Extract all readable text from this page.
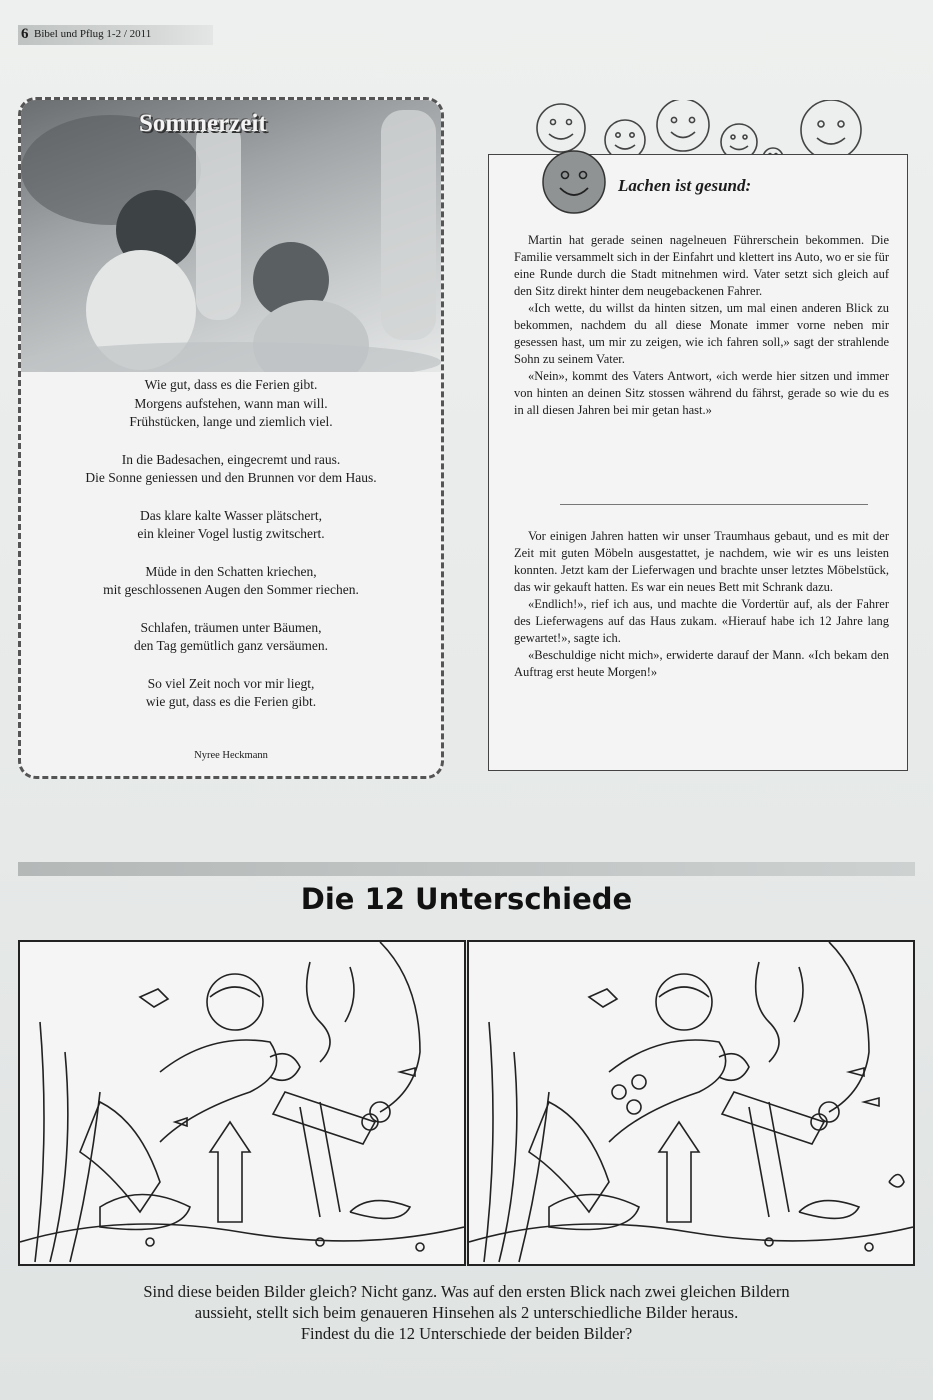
6 Bibel und Pflug 1-2 / 2011
Sommerzeit
Wie gut, dass es die Ferien gibt.
Morgens aufstehen, wann man will.
Frühstücken, lange und ziemlich viel.
In die Badesachen, eingecremt und raus.
Die Sonne geniessen und den Brunnen vor dem Haus.
Das klare kalte Wasser plätschert,
ein kleiner Vogel lustig zwitschert.
Müde in den Schatten kriechen,
mit geschlossenen Augen den Sommer riechen.
Schlafen, träumen unter Bäumen,
den Tag gemütlich ganz versäumen.
So viel Zeit noch vor mir liegt,
wie gut, dass es die Ferien gibt.
Nyree Heckmann
Lachen ist gesund:

Martin hat gerade seinen nagelneuen Führerschein bekommen. Die Familie versammelt sich in der Einfahrt und klettert ins Auto, wo er sie für eine Runde durch die Stadt mitnehmen wird. Vater setzt sich gleich auf den Sitz direkt hinter dem neugebackenen Fahrer.

«Ich wette, du willst da hinten sitzen, um mal einen anderen Blick zu bekommen, nachdem du all diese Monate immer vorne neben mir gesessen hast, um mir zu zeigen, wie ich fahren soll,» sagt der strahlende Sohn zu seinem Vater.

«Nein», kommt des Vaters Antwort, «ich werde hier sitzen und immer von hinten an deinen Sitz stossen während du fährst, gerade so wie du es in all diesen Jahren bei mir getan hast.»

Vor einigen Jahren hatten wir unser Traumhaus gebaut, und es mit der Zeit mit guten Möbeln ausgestattet, je nachdem, wie wir es uns leisten konnten. Jetzt kam der Lieferwagen und brachte unser letztes Möbelstück, das wir gekauft hatten. Es war ein neues Bett mit Schrank dazu.

«Endlich!», rief ich aus, und machte die Vordertür auf, als der Fahrer des Lieferwagens auf das Haus zukam. «Hierauf habe ich 12 Jahre lang gewartet!», sagte ich.

«Beschuldige nicht mich», erwiderte darauf der Mann. «Ich bekam den Auftrag erst heute Morgen!»

Die 12 Unterschiede
Sind diese beiden Bilder gleich? Nicht ganz. Was auf den ersten Blick nach zwei gleichen Bildern
aussieht, stellt sich beim genaueren Hinsehen als 2 unterschiedliche Bilder heraus.
Findest du die 12 Unterschiede der beiden Bilder?
